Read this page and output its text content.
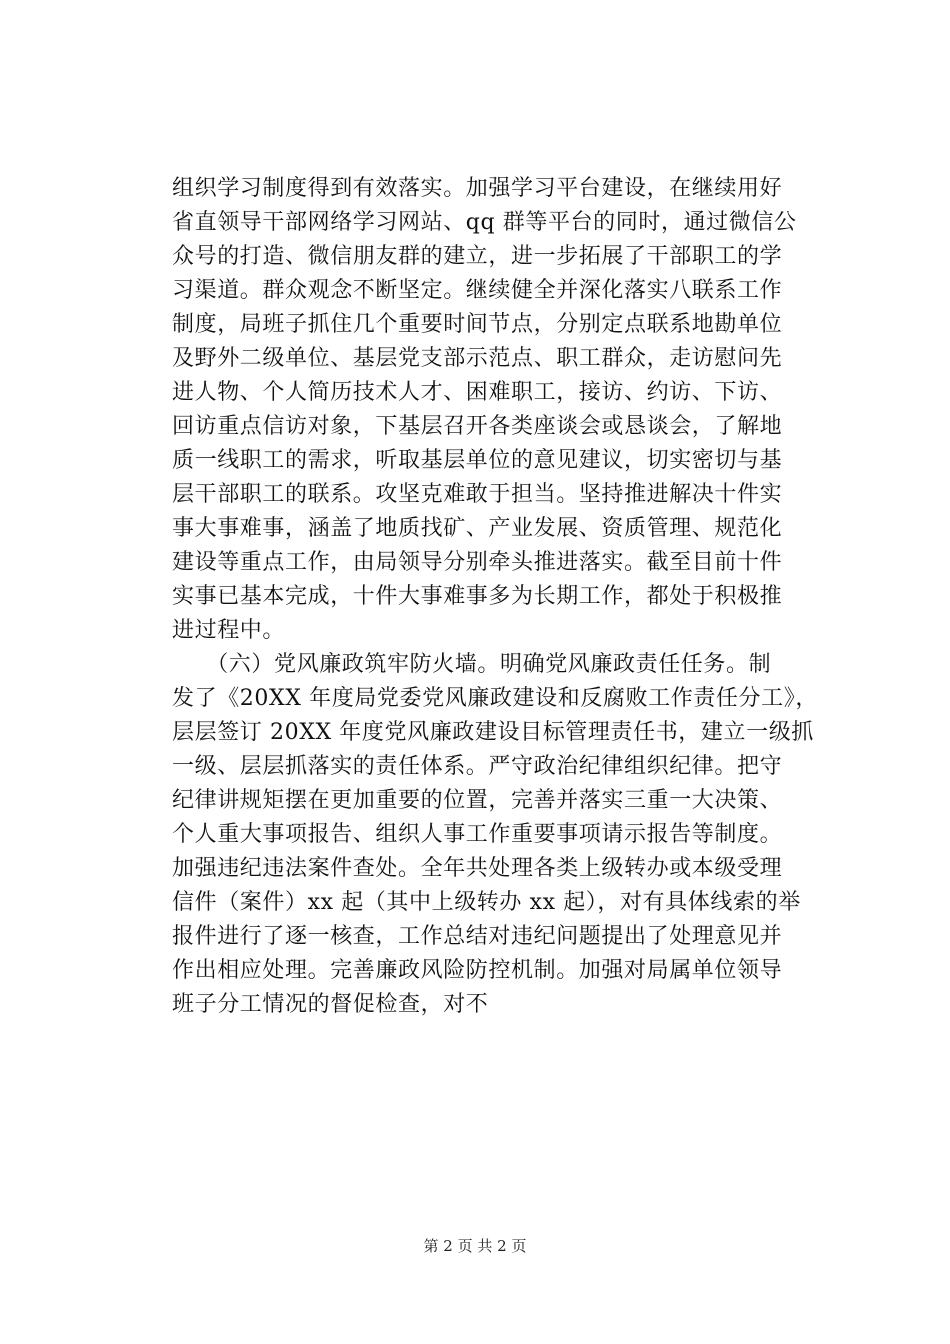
组织学习制度得到有效落实。加强学习平台建设，在继续用好
省直领导干部网络学习网站、qq 群等平台的同时，通过微信公
众号的打造、微信朋友群的建立，进一步拓展了干部职工的学
习渠道。群众观念不断坚定。继续健全并深化落实八联系工作
制度，局班子抓住几个重要时间节点，分别定点联系地勘单位
及野外二级单位、基层党支部示范点、职工群众，走访慰问先
进人物、个人简历技术人才、困难职工，接访、约访、下访、
回访重点信访对象，下基层召开各类座谈会或恳谈会，了解地
质一线职工的需求，听取基层单位的意见建议，切实密切与基
层干部职工的联系。攻坚克难敢于担当。坚持推进解决十件实
事大事难事，涵盖了地质找矿、产业发展、资质管理、规范化
建设等重点工作，由局领导分别牵头推进落实。截至目前十件
实事已基本完成，十件大事难事多为长期工作，都处于积极推
进过程中。
　　（六）党风廉政筑牢防火墙。明确党风廉政责任任务。制
发了《20XX 年度局党委党风廉政建设和反腐败工作责任分工》，
层层签订 20XX 年度党风廉政建设目标管理责任书，建立一级抓
一级、层层抓落实的责任体系。严守政治纪律组织纪律。把守
纪律讲规矩摆在更加重要的位置，完善并落实三重一大决策、
个人重大事项报告、组织人事工作重要事项请示报告等制度。
加强违纪违法案件查处。全年共处理各类上级转办或本级受理
信件（案件）xx 起（其中上级转办 xx 起），对有具体线索的举
报件进行了逐一核查，工作总结对违纪问题提出了处理意见并
作出相应处理。完善廉政风险防控机制。加强对局属单位领导
班子分工情况的督促检查，对不
第 2 页 共 2 页
